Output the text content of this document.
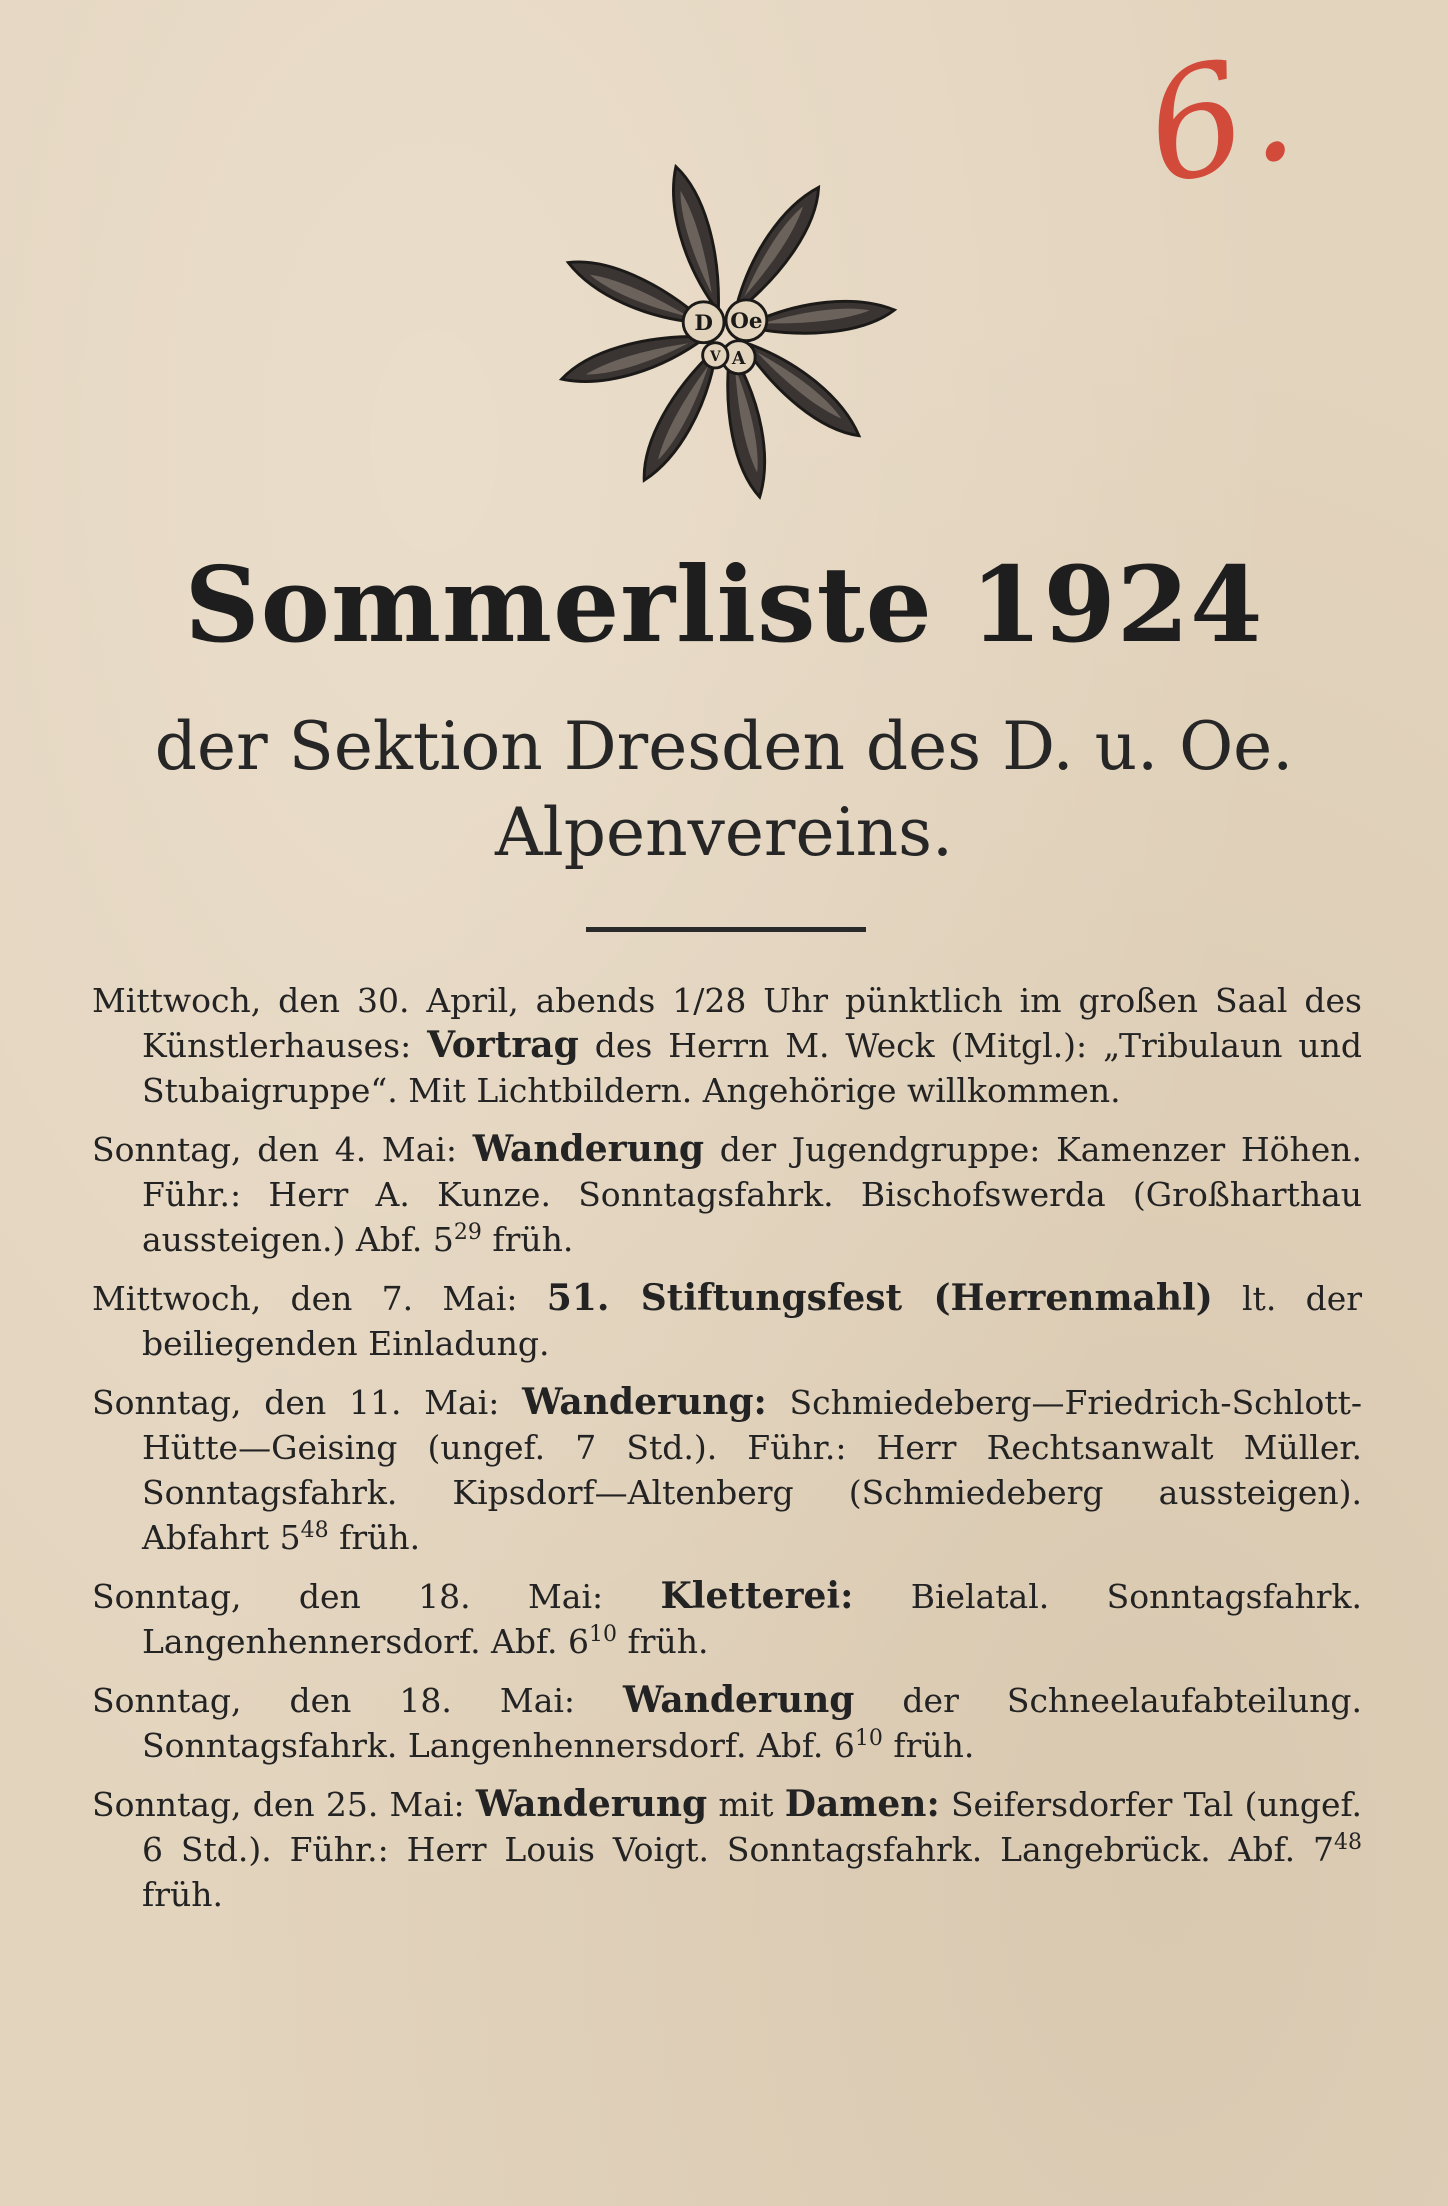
6.
D Oe
A
V
Sommerliste 1924
der Sektion Dresden des D. u. Oe.
Alpenvereins.
Mittwoch, den 30. April, abends 1/28 Uhr pünktlich im großen Saal des Künstlerhauses: Vortrag des Herrn M. Weck (Mitgl.): „Tribulaun und Stubaigruppe“. Mit Lichtbildern. Angehörige willkommen.
Sonntag, den 4. Mai: Wanderung der Jugendgruppe: Kamenzer Höhen. Führ.: Herr A. Kunze. Sonntagsfahrk. Bischofswerda (Großharthau aussteigen.) Abf. $5^{29}$ früh.
Mittwoch, den 7. Mai: 51. Stiftungsfest (Herrenmahl) lt. der beiliegenden Einladung.
Sonntag, den 11. Mai: Wanderung: Schmiedeberg—Friedrich-Schlott-Hütte—Geising (ungef. 7 Std.). Führ.: Herr Rechtsanwalt Müller. Sonntagsfahrk. Kipsdorf—Altenberg (Schmiedeberg aussteigen). Abfahrt $5^{48}$ früh.
Sonntag, den 18. Mai: Kletterei: Bielatal. Sonntagsfahrk. Langenhennersdorf. Abf. $6^{10}$ früh.
Sonntag, den 18. Mai: Wanderung der Schneelaufabteilung. Sonntagsfahrk. Langenhennersdorf. Abf. $6^{10}$ früh.
Sonntag, den 25. Mai: Wanderung mit Damen: Seifersdorfer Tal (ungef. 6 Std.). Führ.: Herr Louis Voigt. Sonntagsfahrk. Langebrück. Abf. $7^{48}$ früh.
